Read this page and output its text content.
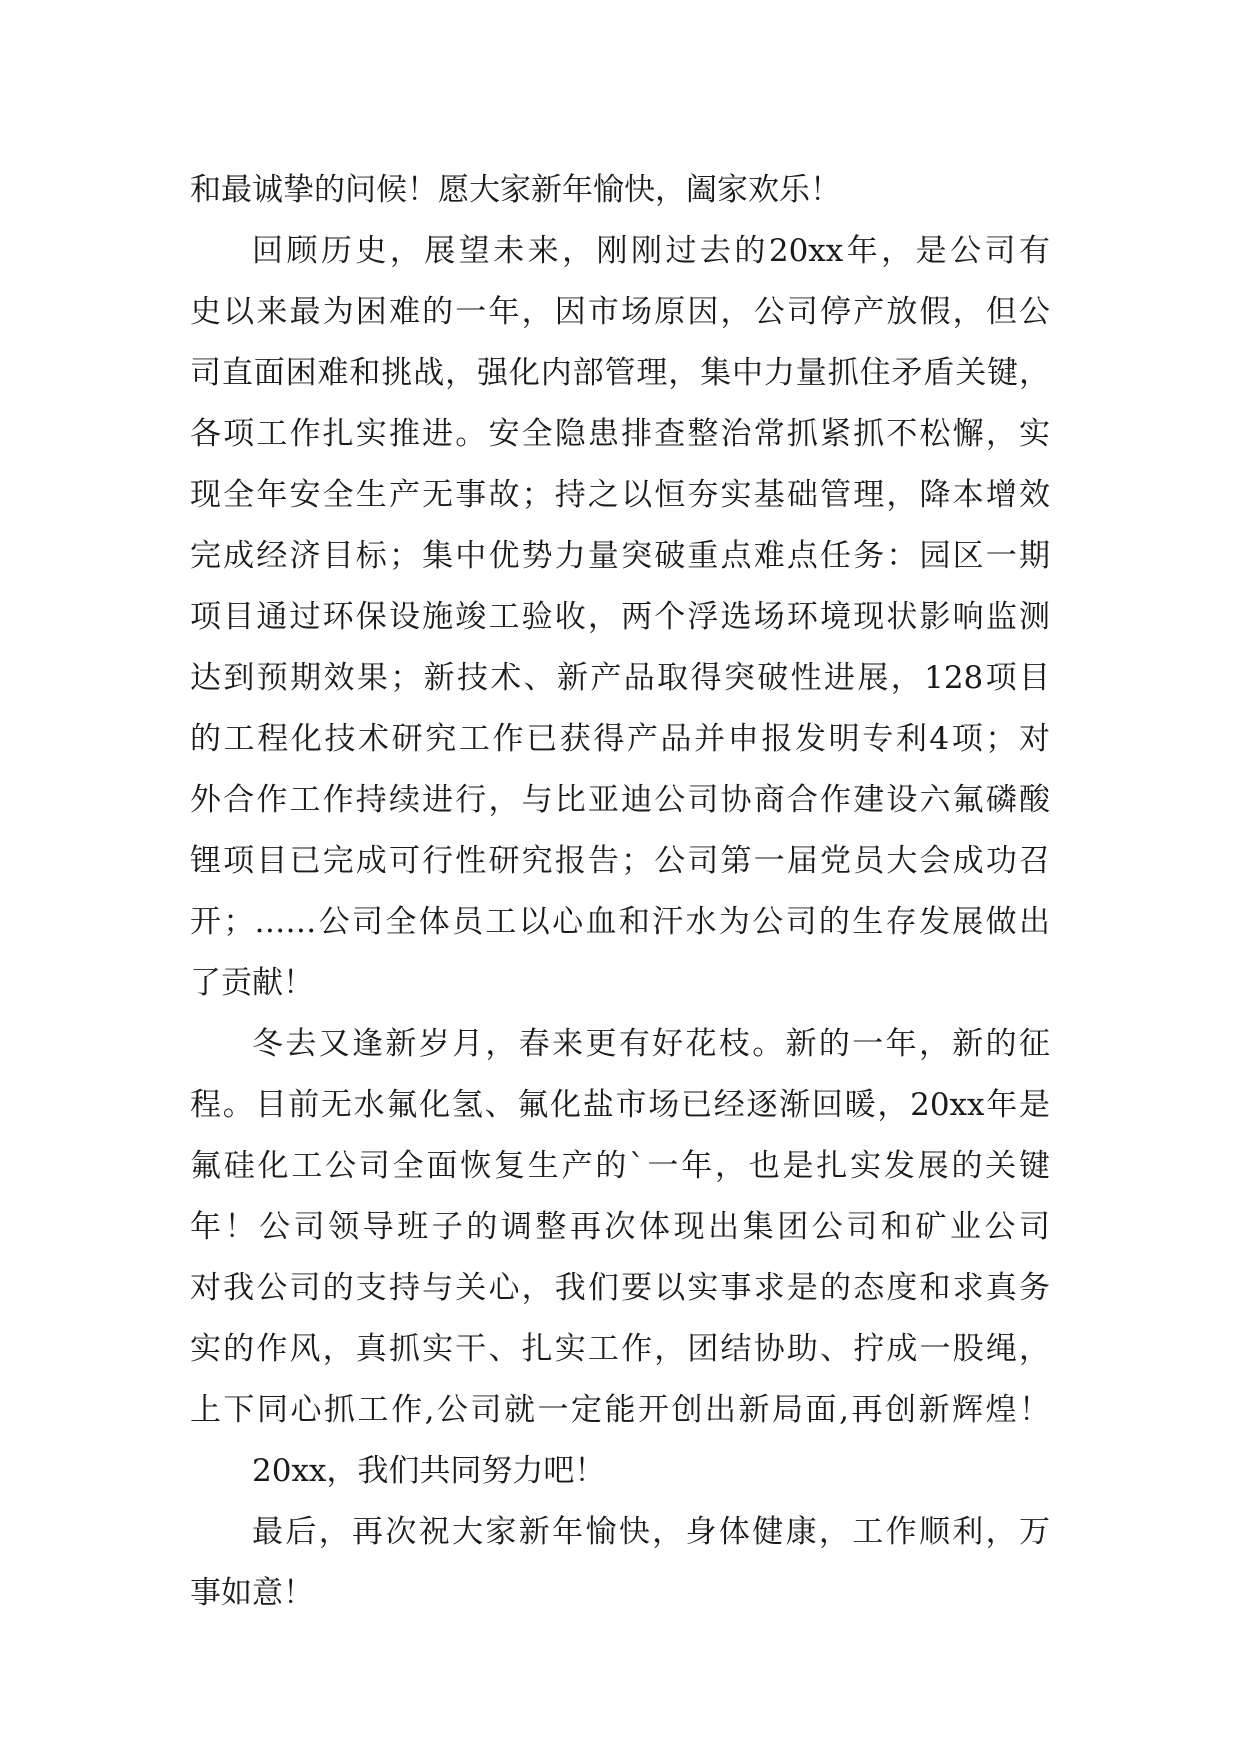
和最诚挚的问候！愿大家新年愉快，阖家欢乐！
回顾历史，展望未来，刚刚过去的20xx年，是公司有
史以来最为困难的一年，因市场原因，公司停产放假，但公
司直面困难和挑战，强化内部管理，集中力量抓住矛盾关键，
各项工作扎实推进。安全隐患排查整治常抓紧抓不松懈，实
现全年安全生产无事故；持之以恒夯实基础管理，降本增效
完成经济目标；集中优势力量突破重点难点任务：园区一期
项目通过环保设施竣工验收，两个浮选场环境现状影响监测
达到预期效果；新技术、新产品取得突破性进展，128项目
的工程化技术研究工作已获得产品并申报发明专利4项；对
外合作工作持续进行，与比亚迪公司协商合作建设六氟磷酸
锂项目已完成可行性研究报告；公司第一届党员大会成功召
开；……公司全体员工以心血和汗水为公司的生存发展做出
了贡献！
冬去又逢新岁月，春来更有好花枝。新的一年，新的征
程。目前无水氟化氢、氟化盐市场已经逐渐回暖，20xx年是
氟硅化工公司全面恢复生产的`一年，也是扎实发展的关键
年！公司领导班子的调整再次体现出集团公司和矿业公司
对我公司的支持与关心，我们要以实事求是的态度和求真务
实的作风，真抓实干、扎实工作，团结协助、拧成一股绳，
上下同心抓工作,公司就一定能开创出新局面,再创新辉煌！
20xx，我们共同努力吧！
最后，再次祝大家新年愉快，身体健康，工作顺利，万
事如意！
